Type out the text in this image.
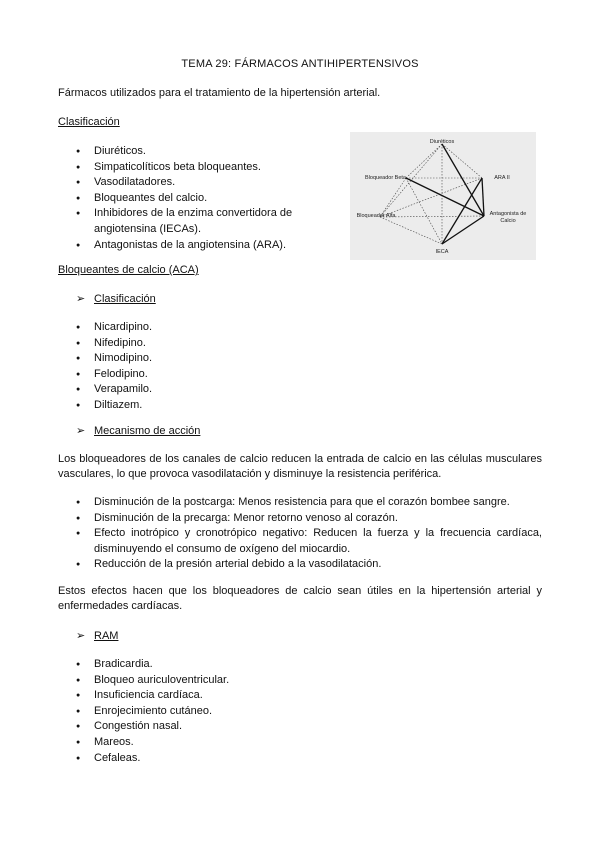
TEMA 29: FÁRMACOS ANTIHIPERTENSIVOS
Fármacos utilizados para el tratamiento de la hipertensión arterial.
Clasificación
● Diuréticos.
● Simpaticolíticos beta bloqueantes.
● Vasodilatadores.
● Bloqueantes del calcio.
● Inhibidores de la enzima convertidora de angiotensina (IECAs).
● Antagonistas de la angiotensina (ARA).
Diuréticos
Bloqueador Beta	ARA II
Bloqueador Alfa	Antagonista de
Calcio
IECA
Bloqueantes de calcio (ACA)
➢ Clasificación
● Nicardipino.
● Nifedipino.
● Nimodipino.
● Felodipino.
● Verapamilo.
● Diltiazem.
➢ Mecanismo de acción
Los bloqueadores de los canales de calcio reducen la entrada de calcio en las células musculares vasculares, lo que provoca vasodilatación y disminuye la resistencia periférica.
● Disminución de la postcarga: Menos resistencia para que el corazón bombee sangre.
● Disminución de la precarga: Menor retorno venoso al corazón.
● Efecto inotrópico y cronotrópico negativo: Reducen la fuerza y la frecuencia cardíaca, disminuyendo el consumo de oxígeno del miocardio.
● Reducción de la presión arterial debido a la vasodilatación.
Estos efectos hacen que los bloqueadores de calcio sean útiles en la hipertensión arterial y enfermedades cardíacas.
➢ RAM
● Bradicardia.
● Bloqueo auriculoventricular.
● Insuficiencia cardíaca.
● Enrojecimiento cutáneo.
● Congestión nasal.
● Mareos.
● Cefaleas.
